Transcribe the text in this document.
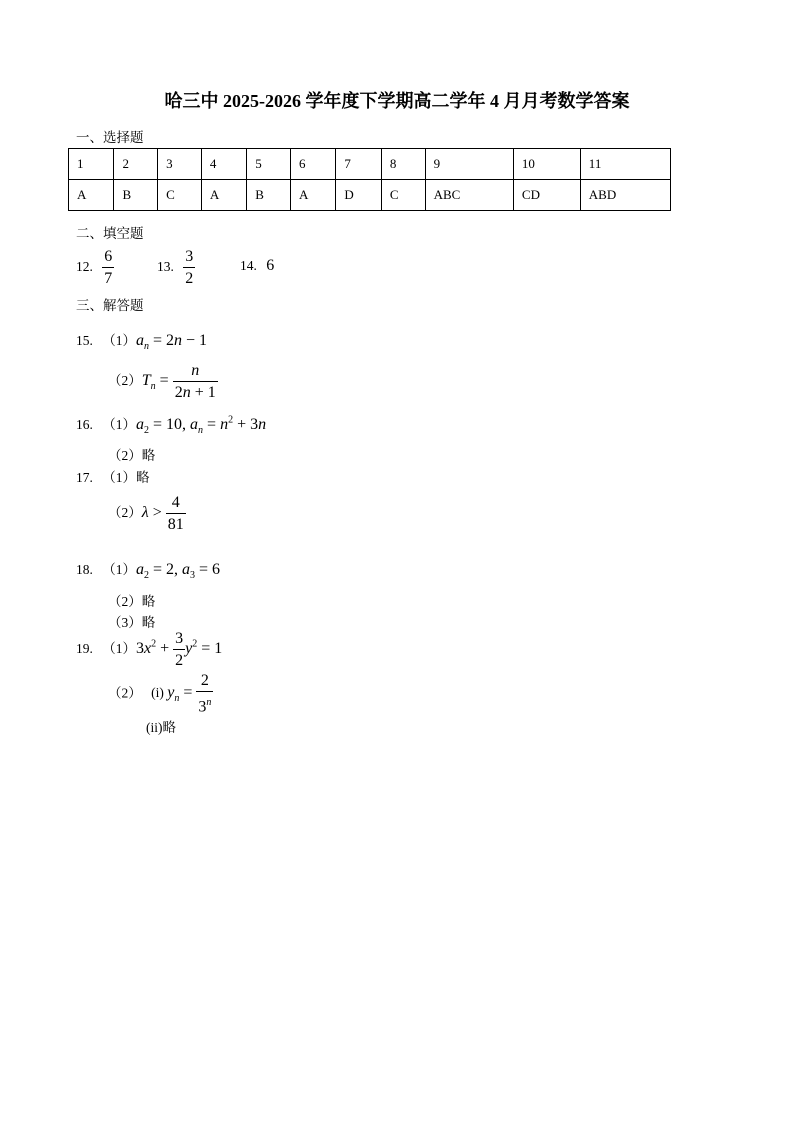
哈三中 2025-2026 学年度下学期高二学年 4 月月考数学答案
一、选择题
1	2	3	4	5	6	7	8	9	10	11
A	B	C	A	B	A	D	C	ABC	CD	ABD
二、填空题
12. $\frac{6}{7}$	13. $\frac{3}{2}$	14. 6
三、解答题
15. $(1)a_n = 2n - 1$
$(2)T_n = \frac{n}{2n + 1}$
16. $(1)a_2 = 10$, $a_n = n^2 + 3n$
（2）略
17. （1）略
$(2)\lambda > \frac{4}{81}$
18. $(1)a_2 = 2$, $a_3 = 6$
（2）略
（3）略
19. $(1)3x^2 + \frac{3}{2} y^2 = 1$
（2） (i) $y_n = \frac{2}{3^n}$
(ii)略
